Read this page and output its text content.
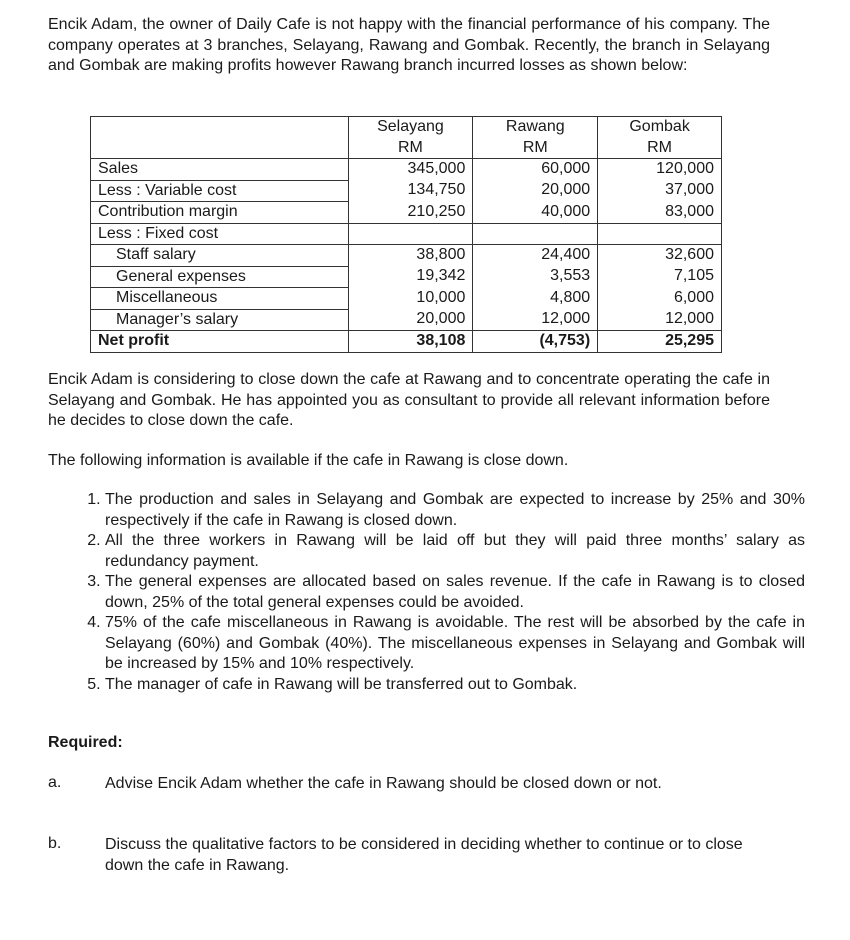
Encik Adam, the owner of Daily Cafe is not happy with the financial performance of his company. The company operates at 3 branches, Selayang, Rawang and Gombak. Recently, the branch in Selayang and Gombak are making profits however Rawang branch incurred losses as shown below:

	Selayang	Rawang	Gombak
	RM	RM	RM
Sales	345,000	60,000	120,000
Less : Variable cost	134,750	20,000	37,000
Contribution margin	210,250	40,000	83,000
Less : Fixed cost			
Staff salary	38,800	24,400	32,600
General expenses	19,342	3,553	7,105
Miscellaneous	10,000	4,800	6,000
Manager’s salary	20,000	12,000	12,000
Net profit	38,108	(4,753)	25,295

Encik Adam is considering to close down the cafe at Rawang and to concentrate operating the cafe in Selayang and Gombak. He has appointed you as consultant to provide all relevant information before he decides to close down the cafe.

The following information is available if the cafe in Rawang is close down.

1. The production and sales in Selayang and Gombak are expected to increase by 25% and 30% respectively if the cafe in Rawang is closed down.
2. All the three workers in Rawang will be laid off but they will paid three months’ salary as redundancy payment.
3. The general expenses are allocated based on sales revenue. If the cafe in Rawang is to closed down, 25% of the total general expenses could be avoided.
4. 75% of the cafe miscellaneous in Rawang is avoidable. The rest will be absorbed by the cafe in Selayang (60%) and Gombak (40%). The miscellaneous expenses in Selayang and Gombak will be increased by 15% and 10% respectively.
5. The manager of cafe in Rawang will be transferred out to Gombak.
Required:
a.	Advise Encik Adam whether the cafe in Rawang should be closed down or not.
b.	Discuss the qualitative factors to be considered in deciding whether to continue or to close down the cafe in Rawang.
